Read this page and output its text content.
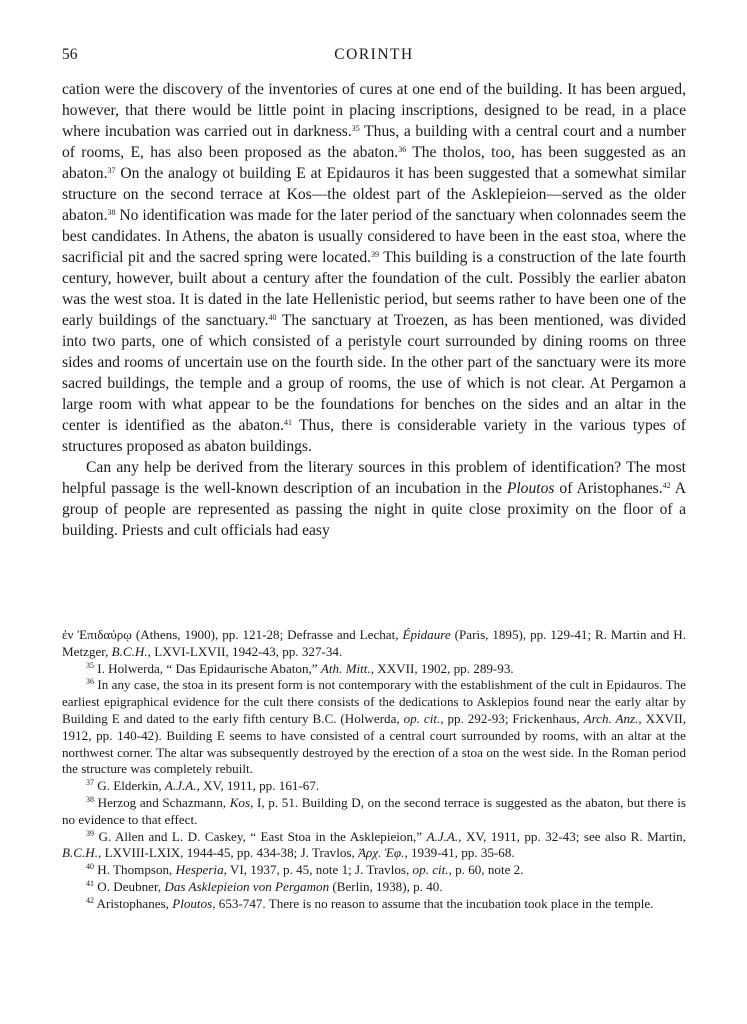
56	CORINTH

cation were the discovery of the inventories of cures at one end of the building. It has been argued, however, that there would be little point in placing inscriptions, designed to be read, in a place where incubation was carried out in darkness.$^{35}$ Thus, a building with a central court and a number of rooms, E, has also been proposed as the abaton.$^{36}$ The tholos, too, has been suggested as an abaton.$^{37}$ On the analogy ot building E at Epidauros it has been suggested that a somewhat similar structure on the second terrace at Kos—the oldest part of the Asklepieion—served as the older abaton.$^{38}$ No identification was made for the later period of the sanctuary when colonnades seem the best candidates. In Athens, the abaton is usually considered to have been in the east stoa, where the sacrificial pit and the sacred spring were located.$^{39}$ This building is a construction of the late fourth century, however, built about a century after the foundation of the cult. Possibly the earlier abaton was the west stoa. It is dated in the late Hellenistic period, but seems rather to have been one of the early buildings of the sanctuary.$^{40}$ The sanctuary at Troezen, as has been mentioned, was divided into two parts, one of which consisted of a peristyle court surrounded by dining rooms on three sides and rooms of uncertain use on the fourth side. In the other part of the sanctuary were its more sacred buildings, the temple and a group of rooms, the use of which is not clear. At Pergamon a large room with what appear to be the foundations for benches on the sides and an altar in the center is identified as the abaton.$^{41}$ Thus, there is considerable variety in the various types of structures proposed as abaton buildings.

Can any help be derived from the literary sources in this problem of identification? The most helpful passage is the well-known description of an incubation in the Ploutos of Aristophanes.$^{42}$ A group of people are represented as passing the night in quite close proximity on the floor of a building. Priests and cult officials had easy

ἐν Ἐπιδαύρῳ (Athens, 1900), pp. 121-28; Defrasse and Lechat, Épidaure (Paris, 1895), pp. 129-41; R. Martin and H. Metzger, B.C.H., LXVI-LXVII, 1942-43, pp. 327-34.

$^{35}$ I. Holwerda, “ Das Epidaurische Abaton,” Ath. Mitt., XXVII, 1902, pp. 289-93.

$^{36}$ In any case, the stoa in its present form is not contemporary with the establishment of the cult in Epidauros. The earliest epigraphical evidence for the cult there consists of the dedications to Asklepios found near the early altar by Building E and dated to the early fifth century B.C. (Holwerda, op. cit., pp. 292-93; Frickenhaus, Arch. Anz., XXVII, 1912, pp. 140-42). Building E seems to have consisted of a central court surrounded by rooms, with an altar at the northwest corner. The altar was subsequently destroyed by the erection of a stoa on the west side. In the Roman period the structure was completely rebuilt.

$^{37}$ G. Elderkin, A.J.A., XV, 1911, pp. 161-67.

$^{38}$ Herzog and Schazmann, Kos, I, p. 51. Building D, on the second terrace is suggested as the abaton, but there is no evidence to that effect.

$^{39}$ G. Allen and L. D. Caskey, “ East Stoa in the Asklepieion,” A.J.A., XV, 1911, pp. 32-43; see also R. Martin, B.C.H., LXVIII-LXIX, 1944-45, pp. 434-38; J. Travlos, Ἀρχ. Ἐφ., 1939-41, pp. 35-68.

$^{40}$ H. Thompson, Hesperia, VI, 1937, p. 45, note 1; J. Travlos, op. cit., p. 60, note 2.

$^{41}$ O. Deubner, Das Asklepieion von Pergamon (Berlin, 1938), p. 40.

$^{42}$ Aristophanes, Ploutos, 653-747. There is no reason to assume that the incubation took place in the temple.
